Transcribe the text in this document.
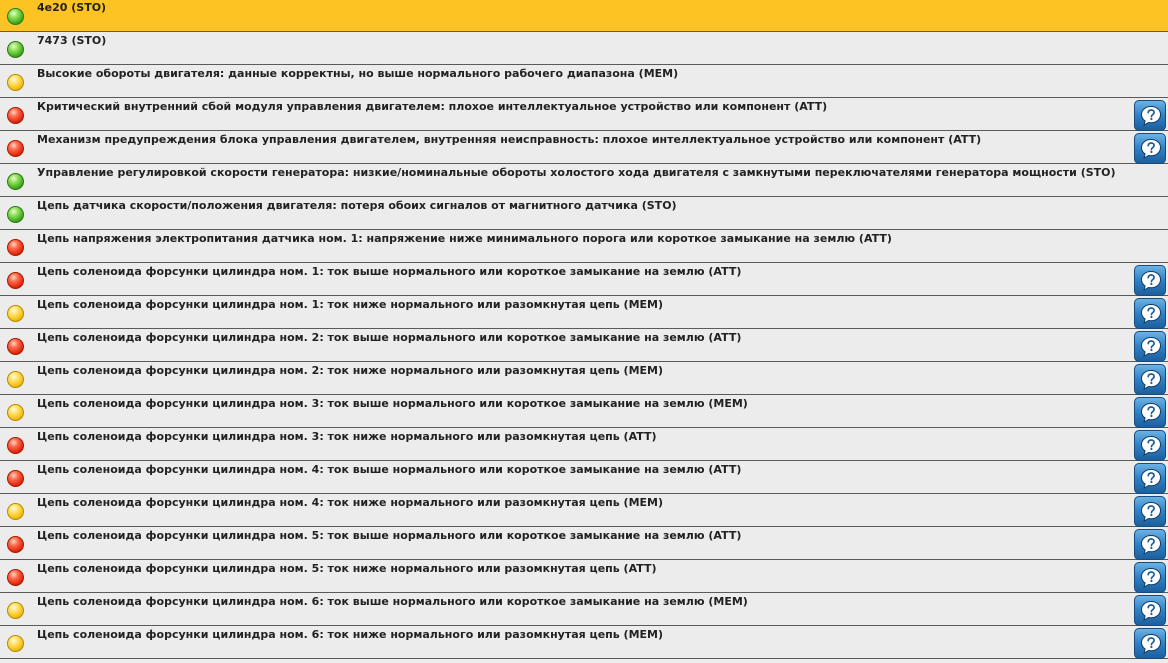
4e20 (STO)
7473 (STO)
Высокие обороты двигателя: данные корректны, но выше нормального рабочего диапазона (MEM)
Критический внутренний сбой модуля управления двигателем: плохое интеллектуальное устройство или компонент (ATT)
Механизм предупреждения блока управления двигателем, внутренняя неисправность: плохое интеллектуальное устройство или компонент (ATT)
Управление регулировкой скорости генератора: низкие/номинальные обороты холостого хода двигателя с замкнутыми переключателями генератора мощности (STO)
Цепь датчика скорости/положения двигателя: потеря обоих сигналов от магнитного датчика (STO)
Цепь напряжения электропитания датчика ном. 1: напряжение ниже минимального порога или короткое замыкание на землю (ATT)
Цепь соленоида форсунки цилиндра ном. 1: ток выше нормального или короткое замыкание на землю (ATT)
Цепь соленоида форсунки цилиндра ном. 1: ток ниже нормального или разомкнутая цепь (MEM)
Цепь соленоида форсунки цилиндра ном. 2: ток выше нормального или короткое замыкание на землю (ATT)
Цепь соленоида форсунки цилиндра ном. 2: ток ниже нормального или разомкнутая цепь (MEM)
Цепь соленоида форсунки цилиндра ном. 3: ток выше нормального или короткое замыкание на землю (MEM)
Цепь соленоида форсунки цилиндра ном. 3: ток ниже нормального или разомкнутая цепь (ATT)
Цепь соленоида форсунки цилиндра ном. 4: ток выше нормального или короткое замыкание на землю (ATT)
Цепь соленоида форсунки цилиндра ном. 4: ток ниже нормального или разомкнутая цепь (MEM)
Цепь соленоида форсунки цилиндра ном. 5: ток выше нормального или короткое замыкание на землю (ATT)
Цепь соленоида форсунки цилиндра ном. 5: ток ниже нормального или разомкнутая цепь (ATT)
Цепь соленоида форсунки цилиндра ном. 6: ток выше нормального или короткое замыкание на землю (MEM)
Цепь соленоида форсунки цилиндра ном. 6: ток ниже нормального или разомкнутая цепь (MEM)
